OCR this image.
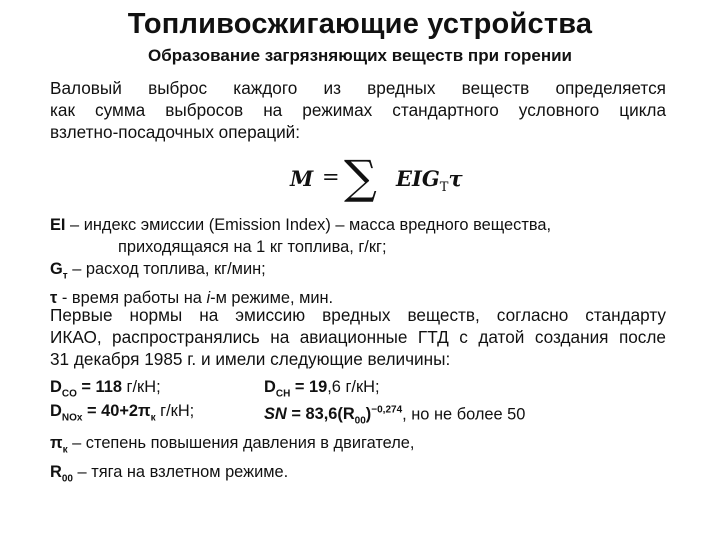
Топливосжигающие устройства
Образование загрязняющих веществ при горении
Валовый выброс каждого из вредных веществ определяется
как сумма выбросов на режимах стандартного условного цикла
взлетно-посадочных операций:
M = ∑ $EIG_Т\tau$
EI – индекс эмиссии (Emission Index) – масса вредного вещества,
приходящаяся на 1 кг топлива, г/кг;
$G_т$ – расход топлива, кг/мин;
τ - время работы на i-м режиме, мин.
Первые нормы на эмиссию вредных веществ, согласно стандарту
ИКАО, распространялись на авиационные ГТД с датой создания после
31 декабря 1985 г. и имели следующие величины:
$D_{CO} = 118$ г/кН;	$D_{CH} = 19,6$ г/кН;
$D_{NOx} = 40+2\pi_к$ г/кН;	SN = $83,6(R_{00})^{-0,274}$, но не более 50
$\pi_к$ – степень повышения давления в двигателе,
$R_{00}$ – тяга на взлетном режиме.
